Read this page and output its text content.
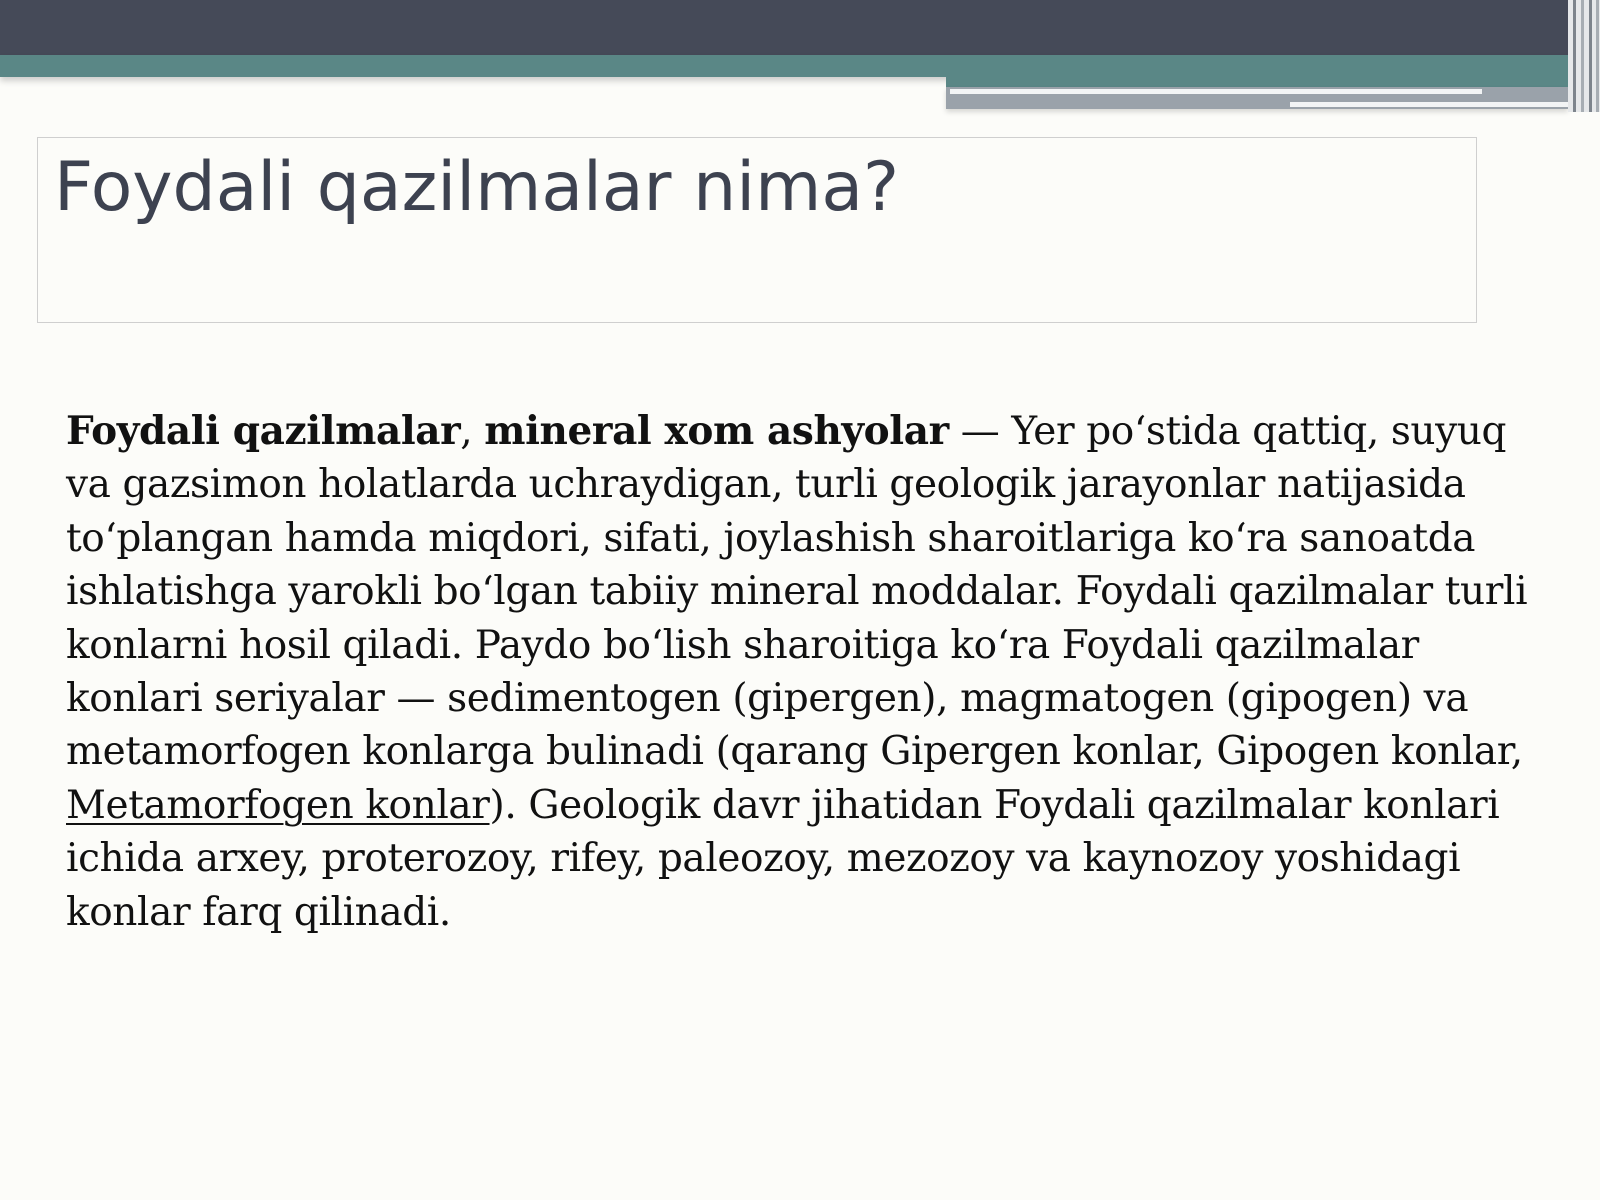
Foydali qazilmalar nima?

Foydali qazilmalar, mineral xom ashyolar — Yer po‘stida qattiq, suyuq va gazsimon holatlarda uchraydigan, turli geologik jarayonlar natijasida to‘plangan hamda miqdori, sifati, joylashish sharoitlariga ko‘ra sanoatda ishlatishga yarokli bo‘lgan tabiiy mineral moddalar. Foydali qazilmalar turli konlarni hosil qiladi. Paydo bo‘lish sharoitiga ko‘ra Foydali qazilmalar konlari seriyalar — sedimentogen (gipergen), magmatogen (gipogen) va metamorfogen konlarga bulinadi (qarang Gipergen konlar, Gipogen konlar, Metamorfogen konlar). Geologik davr jihatidan Foydali qazilmalar konlari ichida arxey, proterozoy, rifey, paleozoy, mezozoy va kaynozoy yoshidagi konlar farq qilinadi.
